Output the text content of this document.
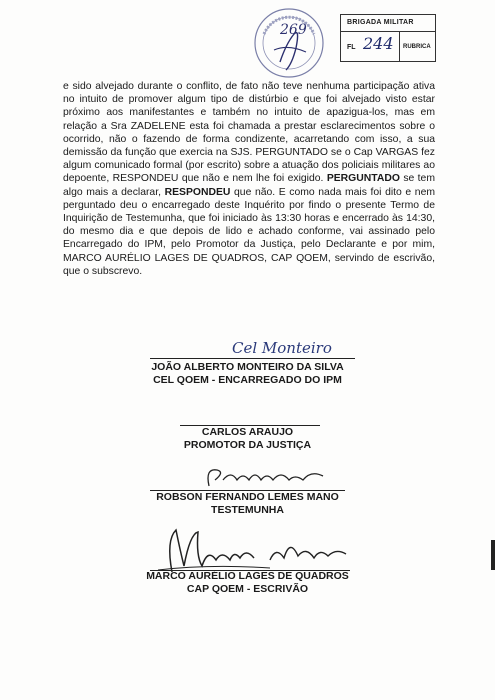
269	BRIGADA MILITAR
FL 244 RUBRICA

e sido alvejado durante o conflito, de fato não teve nenhuma participação ativa no intuito de promover algum tipo de distúrbio e que foi alvejado visto estar próximo aos manifestantes e também no intuito de apazigua-los, mas em relação a Sra ZADELENE esta foi chamada a prestar esclarecimentos sobre o ocorrido, não o fazendo de forma condizente, acarretando com isso, a sua demissão da função que exercia na SJS. PERGUNTADO se o Cap VARGAS fez algum comunicado formal (por escrito) sobre a atuação dos policiais militares ao depoente, RESPONDEU que não e nem lhe foi exigido. PERGUNTADO se tem algo mais a declarar, RESPONDEU que não. E como nada mais foi dito e nem perguntado deu o encarregado deste Inquérito por findo o presente Termo de Inquirição de Testemunha, que foi iniciado às 13:30 horas e encerrado às 14:30, do mesmo dia e que depois de lido e achado conforme, vai assinado pelo Encarregado do IPM, pelo Promotor da Justiça, pelo Declarante e por mim, MARCO AURÉLIO LAGES DE QUADROS, CAP QOEM, servindo de escrivão, que o subscrevo.

Cel Monteiro
JOÃO ALBERTO MONTEIRO DA SILVA
CEL QOEM - ENCARREGADO DO IPM
CARLOS ARAUJO
PROMOTOR DA JUSTIÇA
ROBSON FERNANDO LEMES MANO
TESTEMUNHA
MARCO AURÉLIO LAGES DE QUADROS
CAP QOEM - ESCRIVÃO
